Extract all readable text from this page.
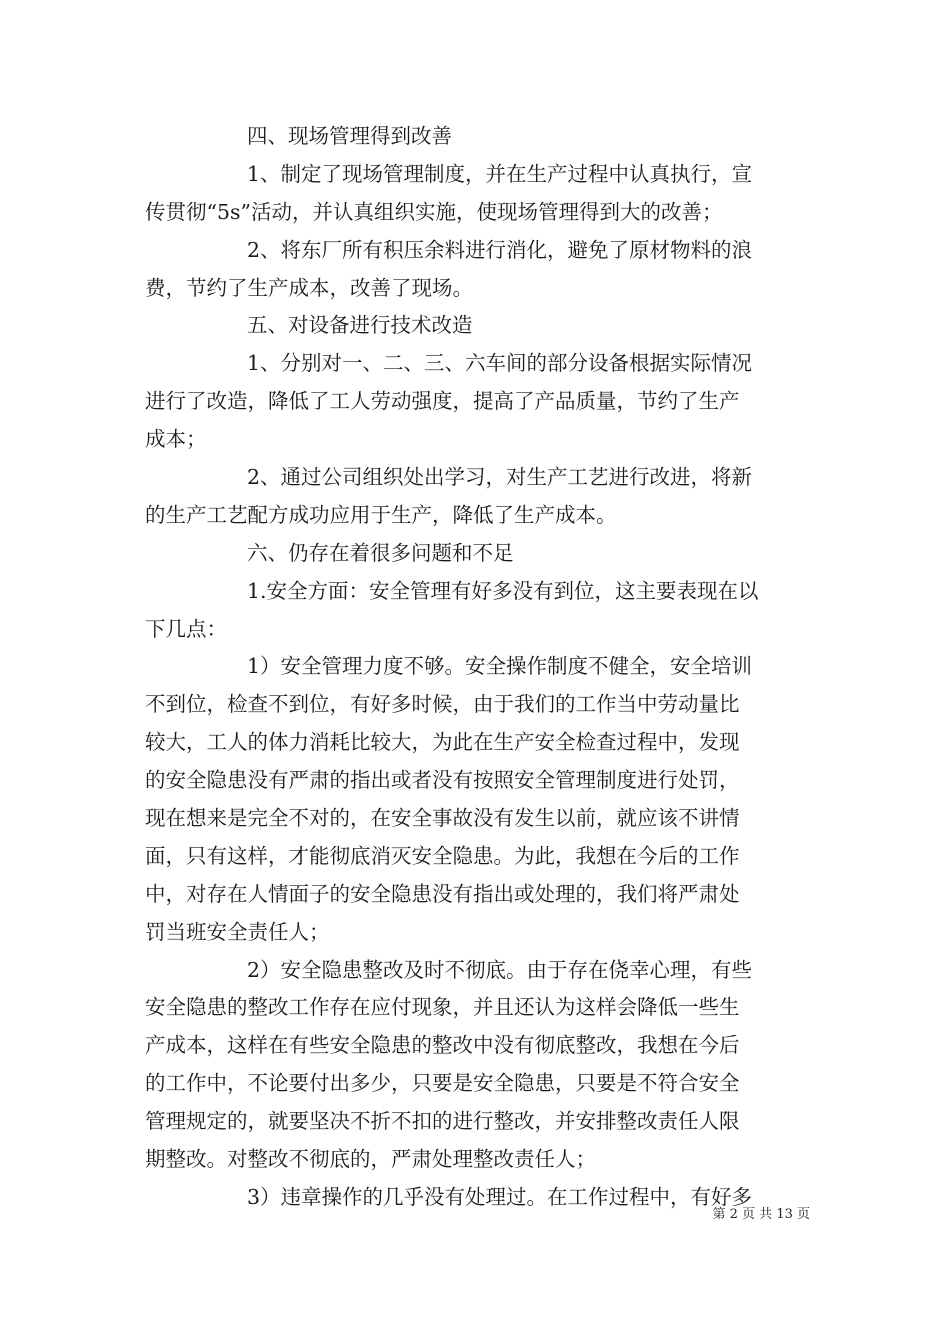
四、现场管理得到改善
1、制定了现场管理制度，并在生产过程中认真执行，宣
传贯彻“5s”活动，并认真组织实施，使现场管理得到大的改善；
2、将东厂所有积压余料进行消化，避免了原材物料的浪
费，节约了生产成本，改善了现场。
五、对设备进行技术改造
1、分别对一、二、三、六车间的部分设备根据实际情况
进行了改造，降低了工人劳动强度，提高了产品质量，节约了生产
成本；
2、通过公司组织处出学习，对生产工艺进行改进，将新
的生产工艺配方成功应用于生产，降低了生产成本。
六、仍存在着很多问题和不足
1.安全方面：安全管理有好多没有到位，这主要表现在以
下几点：
1）安全管理力度不够。安全操作制度不健全，安全培训
不到位，检查不到位，有好多时候，由于我们的工作当中劳动量比
较大，工人的体力消耗比较大，为此在生产安全检查过程中，发现
的安全隐患没有严肃的指出或者没有按照安全管理制度进行处罚，
现在想来是完全不对的，在安全事故没有发生以前，就应该不讲情
面，只有这样，才能彻底消灭安全隐患。为此，我想在今后的工作
中，对存在人情面子的安全隐患没有指出或处理的，我们将严肃处
罚当班安全责任人；
2）安全隐患整改及时不彻底。由于存在侥幸心理，有些
安全隐患的整改工作存在应付现象，并且还认为这样会降低一些生
产成本，这样在有些安全隐患的整改中没有彻底整改，我想在今后
的工作中，不论要付出多少，只要是安全隐患，只要是不符合安全
管理规定的，就要坚决不折不扣的进行整改，并安排整改责任人限
期整改。对整改不彻底的，严肃处理整改责任人；
3）违章操作的几乎没有处理过。在工作过程中，有好多
第 2 页 共 13 页
